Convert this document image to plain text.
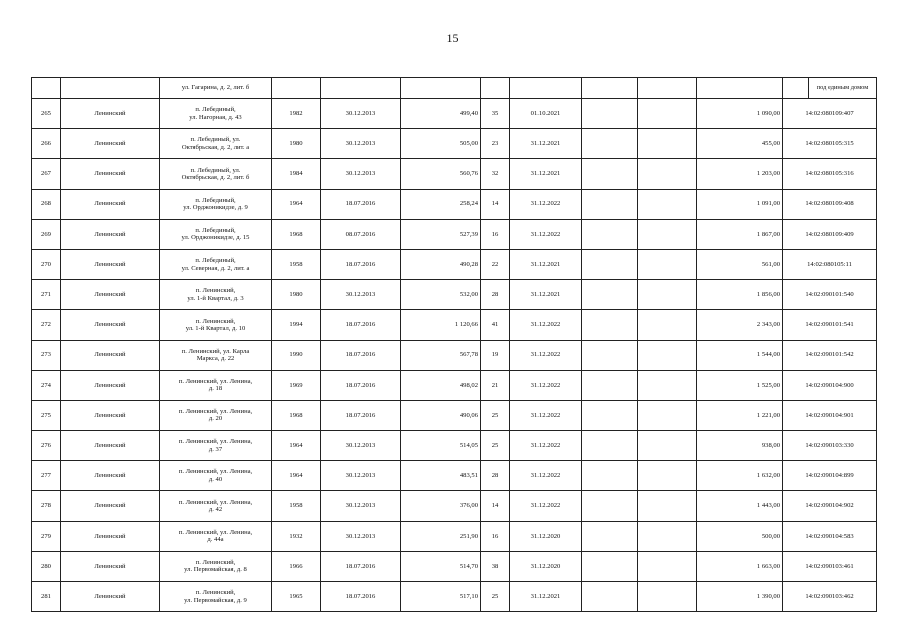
15
		ул. Гагарина, д. 2, лит. б										под единым домом	
265	Ленинский	п. Лебединый,
ул. Нагорная, д. 43	1982	30.12.2013	499,40	35	01.10.2021			1 090,00	14:02:080109:407	

266	Ленинский	п. Лебединый, ул.
Октябрьская, д. 2, лит. а	1980	30.12.2013	505,00	23	31.12.2021			455,00	14:02:080105:315	

267	Ленинский	п. Лебединый, ул.
Октябрьская, д. 2, лит. б	1984	30.12.2013	560,76	32	31.12.2021			1 203,00	14:02:080105:316	

268	Ленинский	п. Лебединый,
ул. Орджоникидзе, д. 9	1964	18.07.2016	258,24	14	31.12.2022			1 091,00	14:02:080109:408	

269	Ленинский	п. Лебединый,
ул. Орджоникидзе, д. 15	1968	08.07.2016	527,39	16	31.12.2022			1 867,00	14:02:080109:409	

270	Ленинский	п. Лебединый,
ул. Северная, д. 2, лит. а	1958	18.07.2016	490,28	22	31.12.2021			561,00	14:02:080105:11	

271	Ленинский	п. Ленинский,
ул. 1-й Квартал, д. 3	1980	30.12.2013	532,00	28	31.12.2021			1 856,00	14:02:090101:540	

272	Ленинский	п. Ленинский,
ул. 1-й Квартал, д. 10	1994	18.07.2016	1 120,66	41	31.12.2022			2 343,00	14:02:090101:541	

273	Ленинский	п. Ленинский, ул. Карла
Маркса, д. 22	1990	18.07.2016	567,78	19	31.12.2022			1 544,00	14:02:090101:542	

274	Ленинский	п. Ленинский, ул. Ленина,
д. 18	1969	18.07.2016	498,02	21	31.12.2022			1 525,00	14:02:090104:900	

275	Ленинский	п. Ленинский, ул. Ленина,
д. 20	1968	18.07.2016	490,06	25	31.12.2022			1 221,00	14:02:090104:901	

276	Ленинский	п. Ленинский, ул. Ленина,
д. 37	1964	30.12.2013	514,05	25	31.12.2022			938,00	14:02:090103:330	

277	Ленинский	п. Ленинский, ул. Ленина,
д. 40	1964	30.12.2013	483,51	28	31.12.2022			1 632,00	14:02:090104:899	

278	Ленинский	п. Ленинский, ул. Ленина,
д. 42	1958	30.12.2013	376,00	14	31.12.2022			1 443,00	14:02:090104:902	

279	Ленинский	п. Ленинский, ул. Ленина,
д. 44а	1932	30.12.2013	251,90	16	31.12.2020			500,00	14:02:090104:583	

280	Ленинский	п. Ленинский,
ул. Первомайская, д. 8	1966	18.07.2016	514,70	38	31.12.2020			1 663,00	14:02:090103:461	

281	Ленинский	п. Ленинский,
ул. Первомайская, д. 9	1965	18.07.2016	517,10	25	31.12.2021			1 390,00	14:02:090103:462	
